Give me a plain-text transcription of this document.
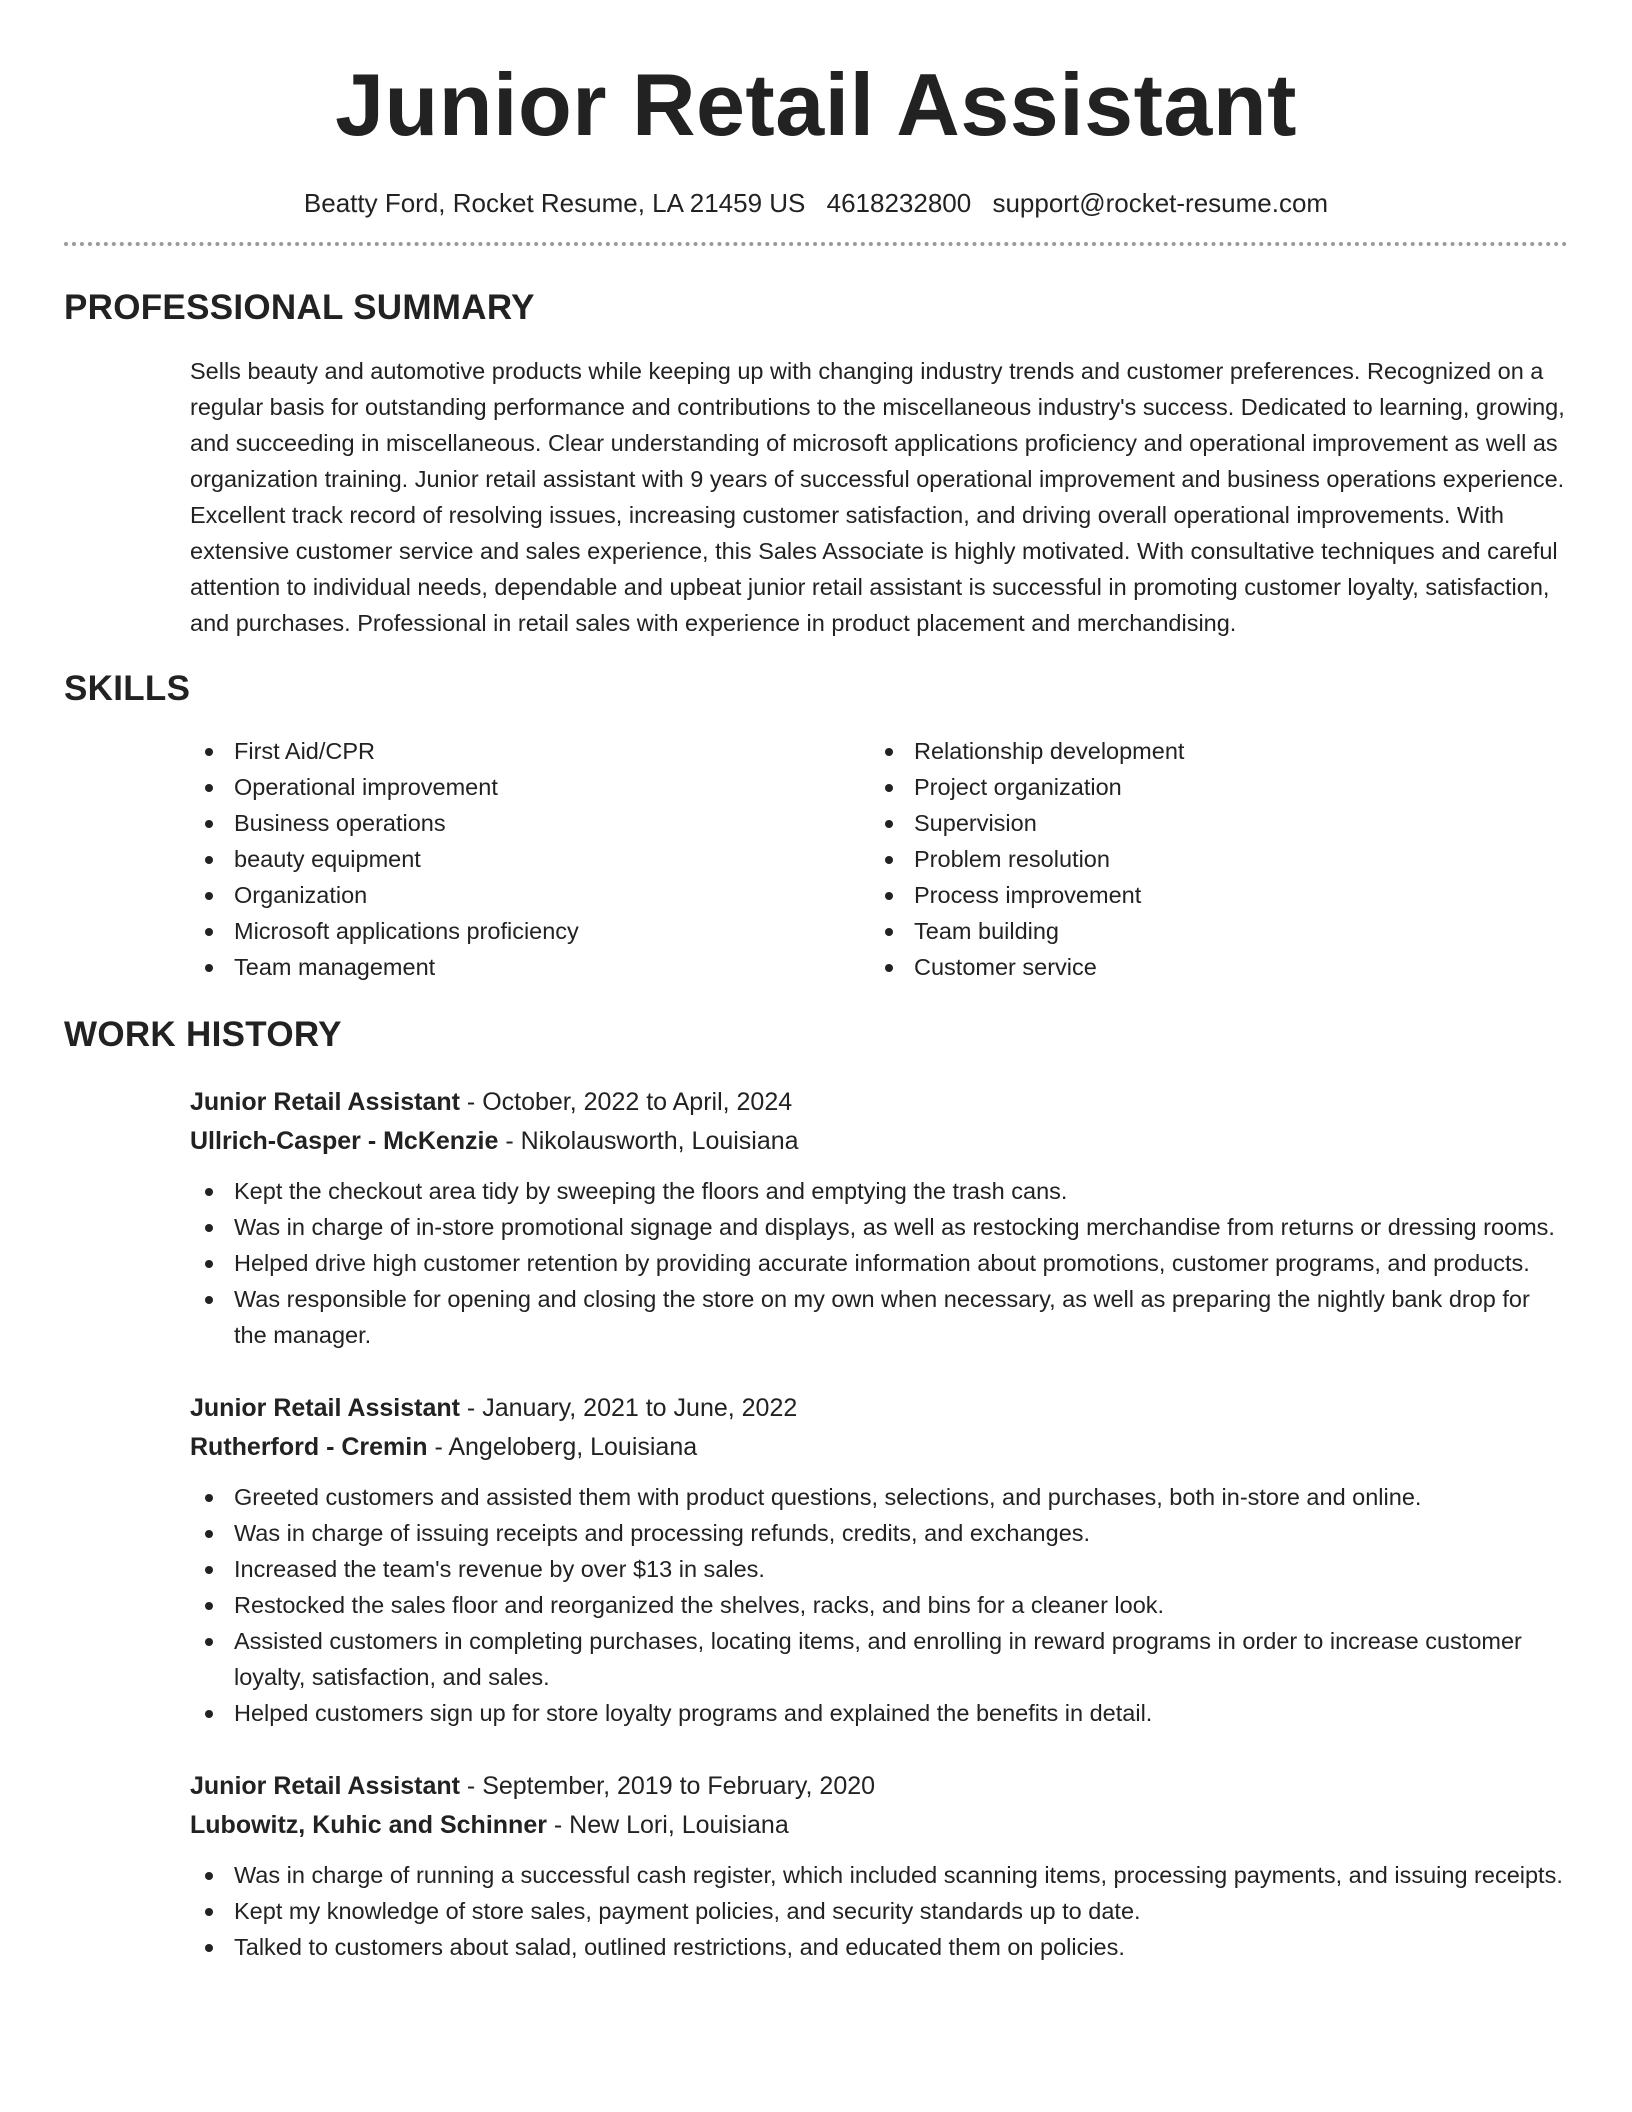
Junior Retail Assistant
Beatty Ford, Rocket Resume, LA 21459 US 4618232800 support@rocket-resume.com
PROFESSIONAL SUMMARY

Sells beauty and automotive products while keeping up with changing industry trends and customer preferences. Recognized on a regular basis for outstanding performance and contributions to the miscellaneous industry's success. Dedicated to learning, growing, and succeeding in miscellaneous. Clear understanding of microsoft applications proficiency and operational improvement as well as organization training. Junior retail assistant with 9 years of successful operational improvement and business operations experience. Excellent track record of resolving issues, increasing customer satisfaction, and driving overall operational improvements. With extensive customer service and sales experience, this Sales Associate is highly motivated. With consultative techniques and careful attention to individual needs, dependable and upbeat junior retail assistant is successful in promoting customer loyalty, satisfaction, and purchases. Professional in retail sales with experience in product placement and merchandising.

SKILLS
First Aid/CPR
Operational improvement
Business operations
beauty equipment
Organization
Microsoft applications proficiency
Team management
Relationship development
Project organization
Supervision
Problem resolution
Process improvement
Team building
Customer service
WORK HISTORY
Junior Retail Assistant - October, 2022 to April, 2024
Ullrich-Casper - McKenzie - Nikolausworth, Louisiana
Kept the checkout area tidy by sweeping the floors and emptying the trash cans.
Was in charge of in-store promotional signage and displays, as well as restocking merchandise from returns or dressing rooms.
Helped drive high customer retention by providing accurate information about promotions, customer programs, and products.
Was responsible for opening and closing the store on my own when necessary, as well as preparing the nightly bank drop for the manager.
Junior Retail Assistant - January, 2021 to June, 2022
Rutherford - Cremin - Angeloberg, Louisiana
Greeted customers and assisted them with product questions, selections, and purchases, both in-store and online.
Was in charge of issuing receipts and processing refunds, credits, and exchanges.
Increased the team's revenue by over $13 in sales.
Restocked the sales floor and reorganized the shelves, racks, and bins for a cleaner look.
Assisted customers in completing purchases, locating items, and enrolling in reward programs in order to increase customer loyalty, satisfaction, and sales.
Helped customers sign up for store loyalty programs and explained the benefits in detail.
Junior Retail Assistant - September, 2019 to February, 2020
Lubowitz, Kuhic and Schinner - New Lori, Louisiana
Was in charge of running a successful cash register, which included scanning items, processing payments, and issuing receipts.
Kept my knowledge of store sales, payment policies, and security standards up to date.
Talked to customers about salad, outlined restrictions, and educated them on policies.
